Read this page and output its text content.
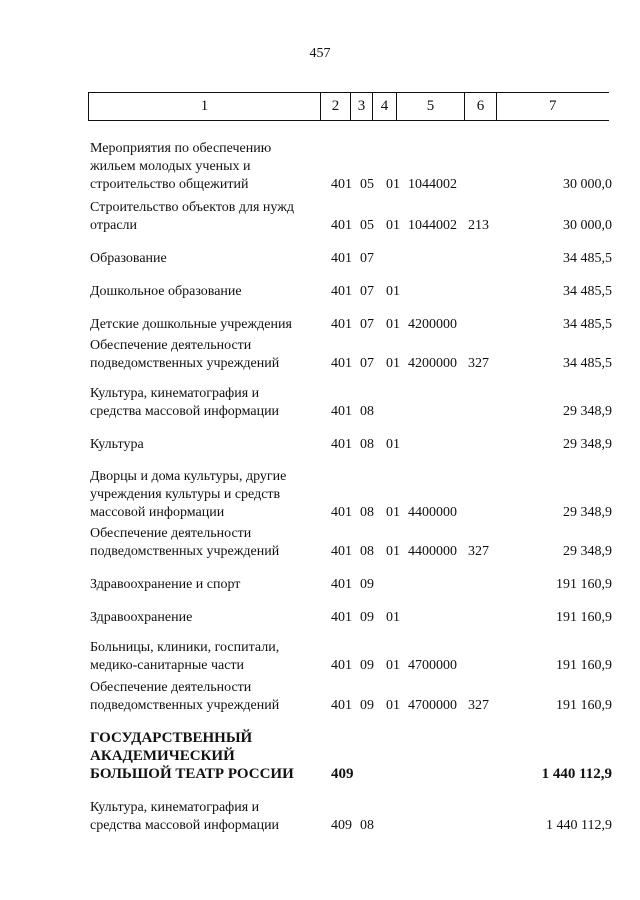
457
1	2	3	4	5	6	7
Мероприятия по обеспечению
жильем молодых ученых и
строительство общежитий	401 05 01 1044002	30 000,0
Строительство объектов для нужд
отрасли	401 05 01 1044002 213	30 000,0
Образование	401 07	34 485,5
Дошкольное образование	401 07 01	34 485,5
Детские дошкольные учреждения	401 07 01 4200000	34 485,5
Обеспечение деятельности
подведомственных учреждений	401 07 01 4200000 327	34 485,5
Культура, кинематография и
средства массовой информации	401 08	29 348,9
Культура	401 08 01	29 348,9
Дворцы и дома культуры, другие
учреждения культуры и средств
массовой информации	401 08 01 4400000	29 348,9
Обеспечение деятельности
подведомственных учреждений	401 08 01 4400000 327	29 348,9
Здравоохранение и спорт	401 09	191 160,9
Здравоохранение	401 09 01	191 160,9
Больницы, клиники, госпитали,
медико-санитарные части	401 09 01 4700000	191 160,9
Обеспечение деятельности
подведомственных учреждений	401 09 01 4700000 327	191 160,9
ГОСУДАРСТВЕННЫЙ
АКАДЕМИЧЕСКИЙ
БОЛЬШОЙ ТЕАТР РОССИИ	409	1 440 112,9
Культура, кинематография и
средства массовой информации	409 08	1 440 112,9
